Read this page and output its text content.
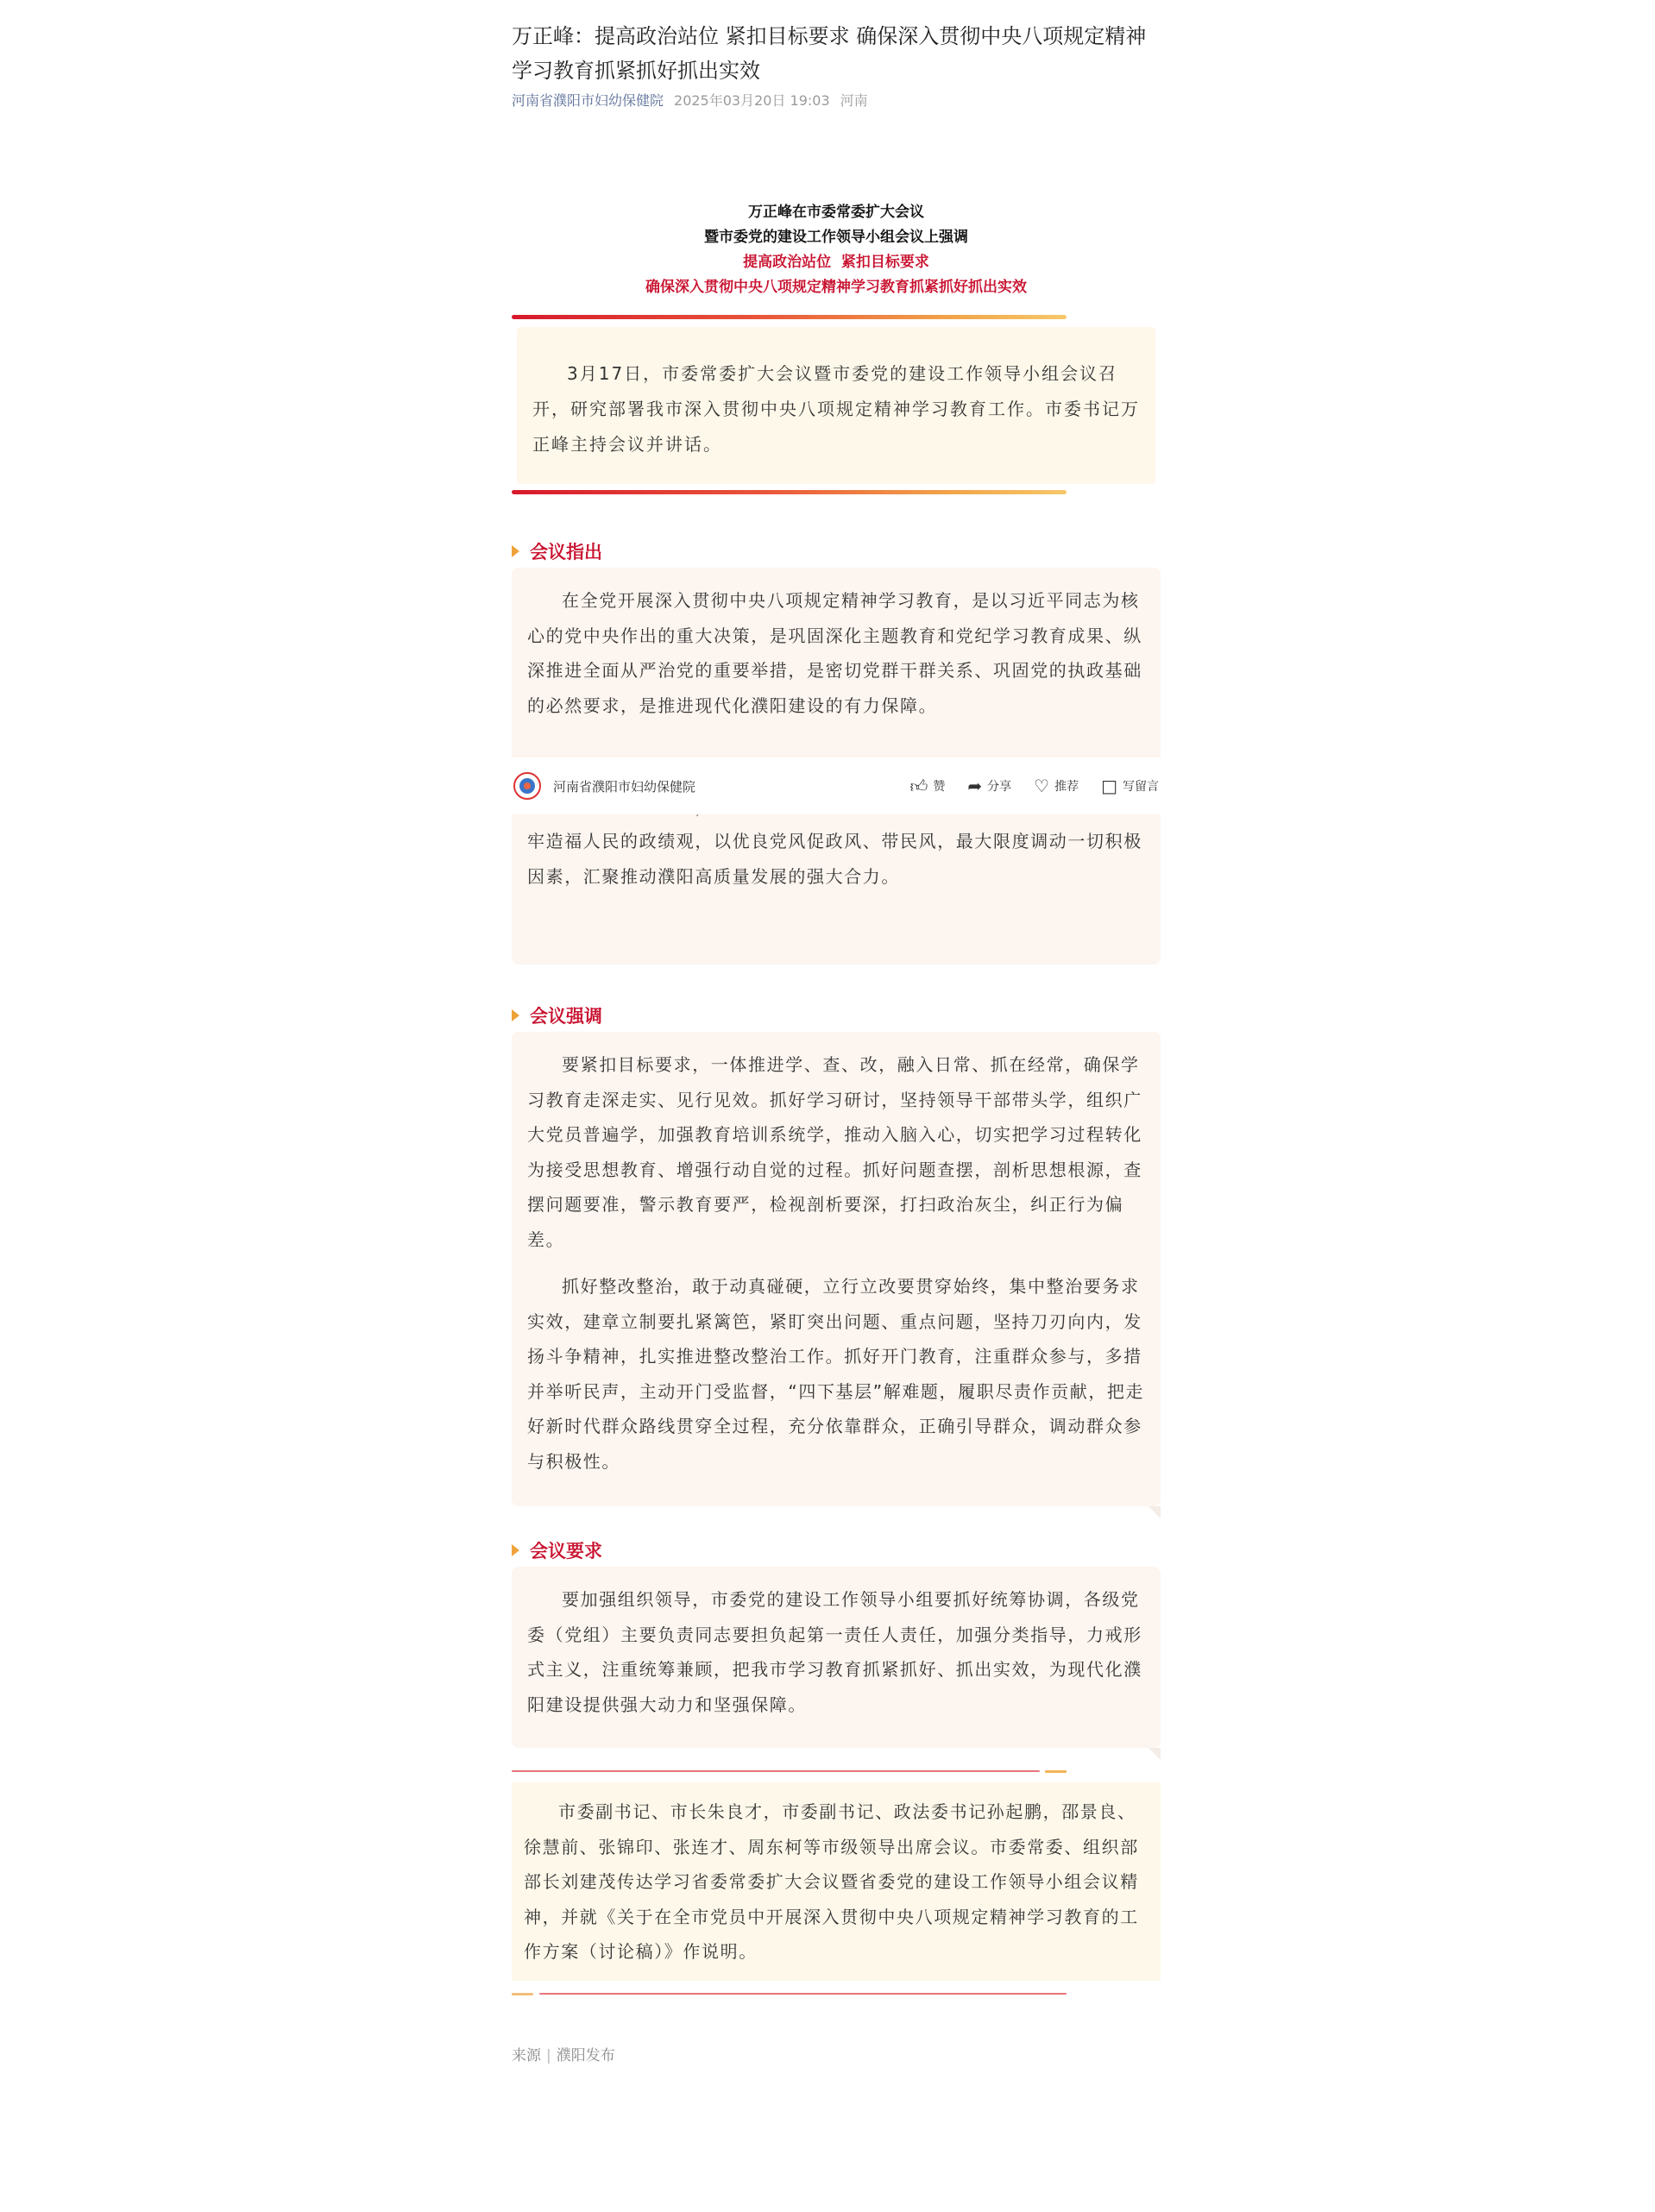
万正峰：提高政治站位 紧扣目标要求 确保深入贯彻中央八项规定精神学习教育抓紧抓好抓出实效
河南省濮阳市妇幼保健院 2025年03月20日 19:03 河南
万正峰在市委常委扩大会议
暨市委党的建设工作领导小组会议上强调
提高政治站位  紧扣目标要求
确保深入贯彻中央八项规定精神学习教育抓紧抓好抓出实效
3月17日，市委常委扩大会议暨市委党的建设工作领导小组会议召开，研究部署我市深入贯彻中央八项规定精神学习教育工作。市委书记万正峰主持会议并讲话。
会议指出

在全党开展深入贯彻中央八项规定精神学习教育，是以习近平同志为核心的党中央作出的重大决策，是巩固深化主题教育和党纪学习教育成果、纵深推进全面从严治党的重要举措，是密切党群干群关系、巩固党的执政基础的必然要求，是推进现代化濮阳建设的有力保障。

牢造福人民的政绩观，以优良党风促政风、带民风，最大限度调动一切积极因素，汇聚推动濮阳高质量发展的强大合力。

河南省濮阳市妇幼保健院	👍︎ 赞 ➦ 分享 ♡ 推荐 □ 写留言
会议强调

要紧扣目标要求，一体推进学、查、改，融入日常、抓在经常，确保学习教育走深走实、见行见效。抓好学习研讨，坚持领导干部带头学，组织广大党员普遍学，加强教育培训系统学，推动入脑入心，切实把学习过程转化为接受思想教育、增强行动自觉的过程。抓好问题查摆，剖析思想根源，查摆问题要准，警示教育要严，检视剖析要深，打扫政治灰尘，纠正行为偏差。

抓好整改整治，敢于动真碰硬，立行立改要贯穿始终，集中整治要务求实效，建章立制要扎紧篱笆，紧盯突出问题、重点问题，坚持刀刃向内，发扬斗争精神，扎实推进整改整治工作。抓好开门教育，注重群众参与，多措并举听民声，主动开门受监督，“四下基层”解难题，履职尽责作贡献，把走好新时代群众路线贯穿全过程，充分依靠群众，正确引导群众，调动群众参与积极性。

会议要求

要加强组织领导，市委党的建设工作领导小组要抓好统筹协调，各级党委（党组）主要负责同志要担负起第一责任人责任，加强分类指导，力戒形式主义，注重统筹兼顾，把我市学习教育抓紧抓好、抓出实效，为现代化濮阳建设提供强大动力和坚强保障。

市委副书记、市长朱良才，市委副书记、政法委书记孙起鹏，邵景良、徐慧前、张锦印、张连才、周东柯等市级领导出席会议。市委常委、组织部部长刘建茂传达学习省委常委扩大会议暨省委党的建设工作领导小组会议精神，并就《关于在全市党员中开展深入贯彻中央八项规定精神学习教育的工作方案（讨论稿）》作说明。
来源 | 濮阳发布
